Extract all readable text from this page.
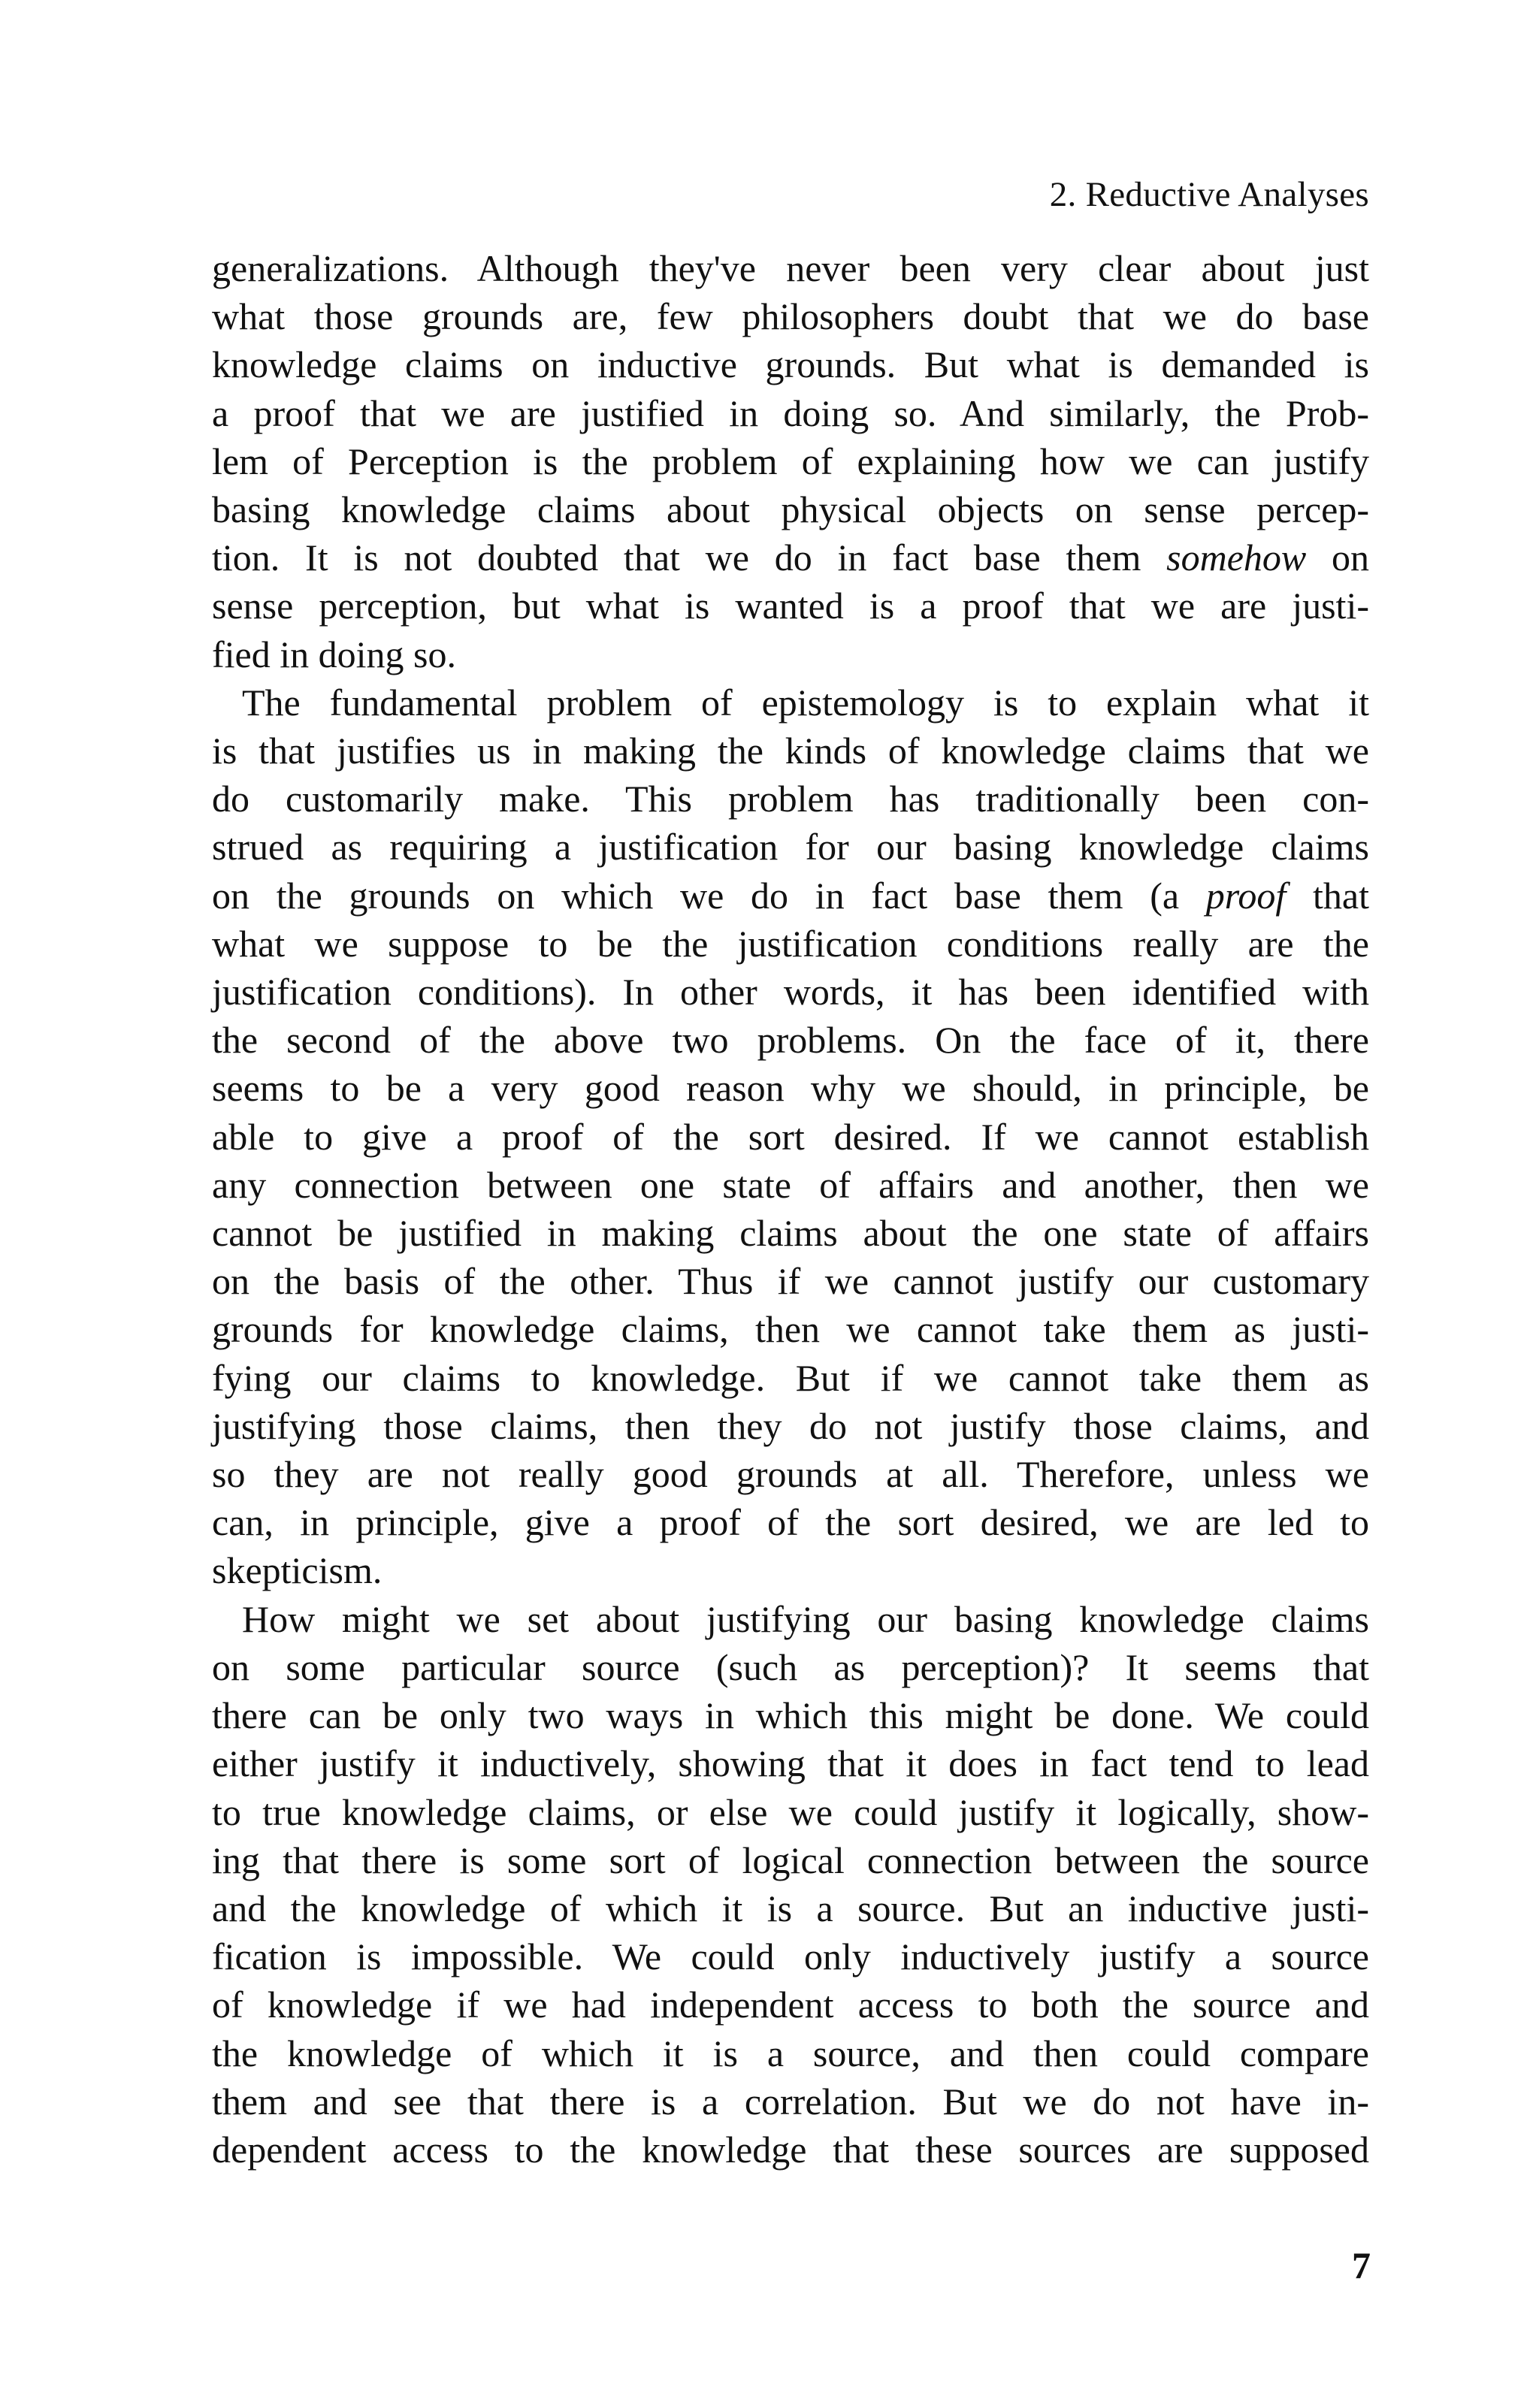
2. Reductive Analyses
generalizations. Although they've never been very clear about just
what those grounds are, few philosophers doubt that we do base
knowledge claims on inductive grounds. But what is demanded is
a proof that we are justified in doing so. And similarly, the Prob-
lem of Perception is the problem of explaining how we can justify
basing knowledge claims about physical objects on sense percep-
tion. It is not doubted that we do in fact base them somehow on
sense perception, but what is wanted is a proof that we are justi-
fied in doing so.
The fundamental problem of epistemology is to explain what it
is that justifies us in making the kinds of knowledge claims that we
do customarily make. This problem has traditionally been con-
strued as requiring a justification for our basing knowledge claims
on the grounds on which we do in fact base them (a proof that
what we suppose to be the justification conditions really are the
justification conditions). In other words, it has been identified with
the second of the above two problems. On the face of it, there
seems to be a very good reason why we should, in principle, be
able to give a proof of the sort desired. If we cannot establish
any connection between one state of affairs and another, then we
cannot be justified in making claims about the one state of affairs
on the basis of the other. Thus if we cannot justify our customary
grounds for knowledge claims, then we cannot take them as justi-
fying our claims to knowledge. But if we cannot take them as
justifying those claims, then they do not justify those claims, and
so they are not really good grounds at all. Therefore, unless we
can, in principle, give a proof of the sort desired, we are led to
skepticism.
How might we set about justifying our basing knowledge claims
on some particular source (such as perception)? It seems that
there can be only two ways in which this might be done. We could
either justify it inductively, showing that it does in fact tend to lead
to true knowledge claims, or else we could justify it logically, show-
ing that there is some sort of logical connection between the source
and the knowledge of which it is a source. But an inductive justi-
fication is impossible. We could only inductively justify a source
of knowledge if we had independent access to both the source and
the knowledge of which it is a source, and then could compare
them and see that there is a correlation. But we do not have in-
dependent access to the knowledge that these sources are supposed
7
